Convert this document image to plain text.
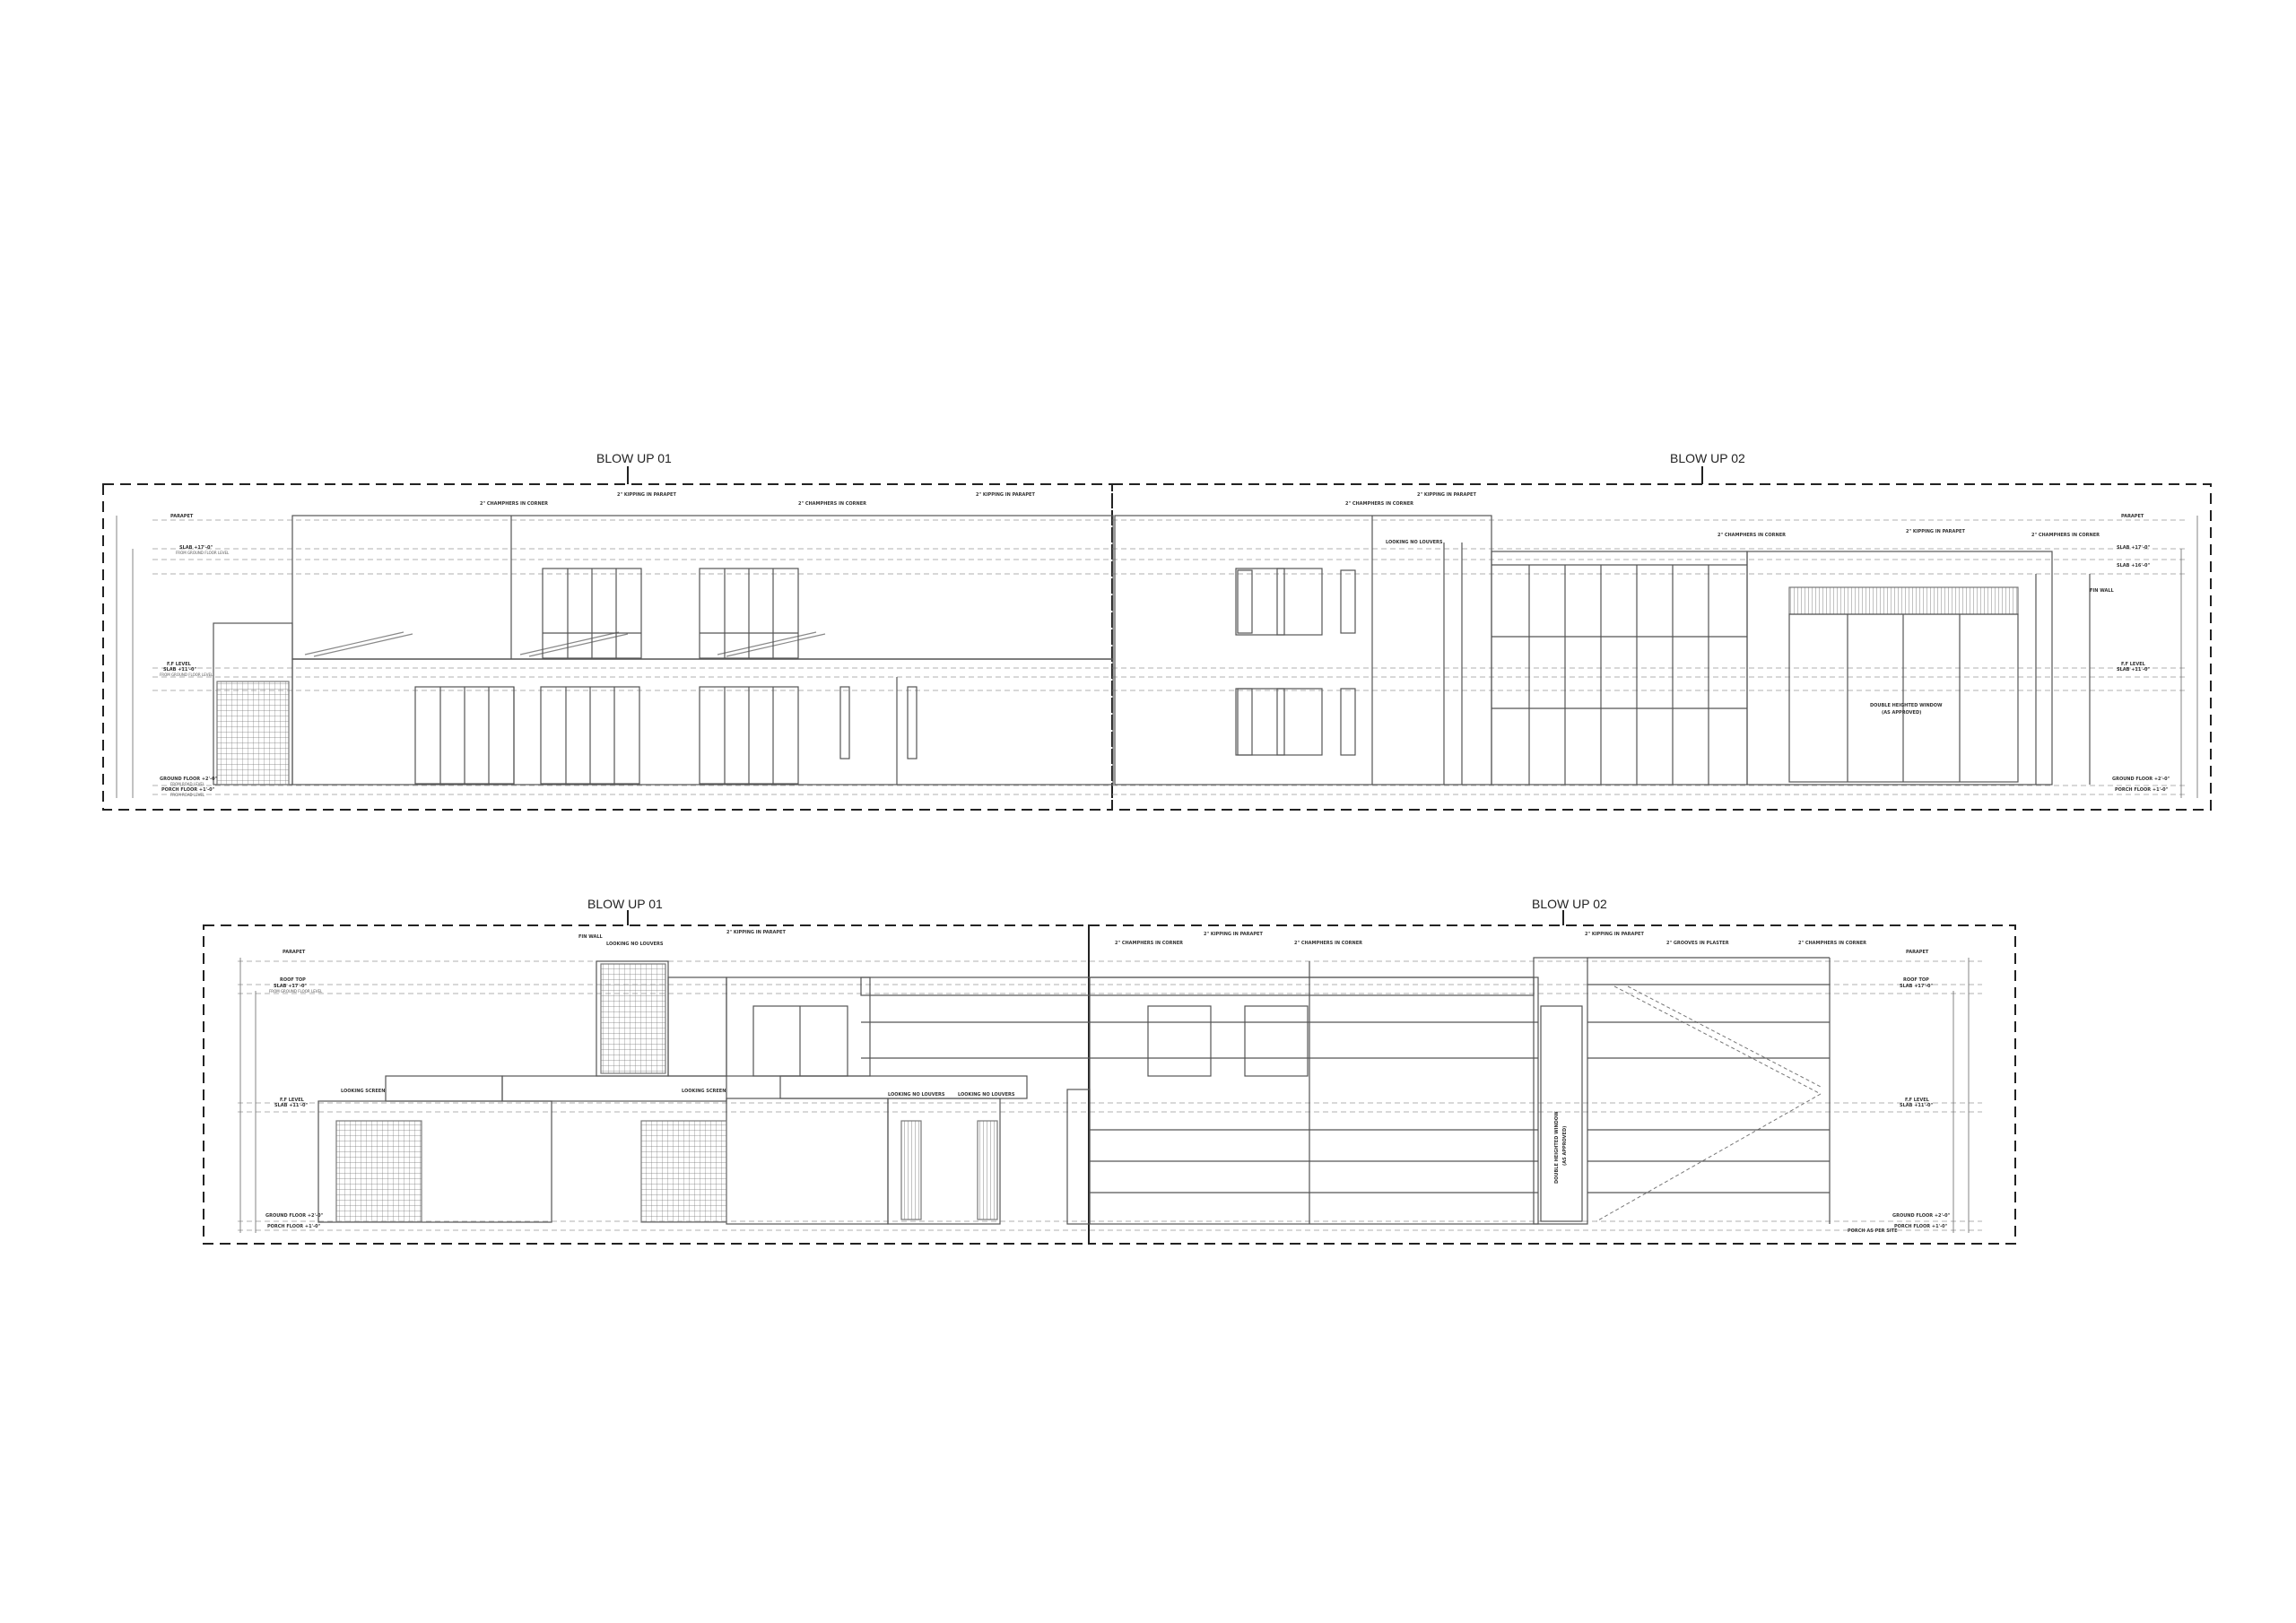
BLOW UP 01	BLOW UP 02
BLOW UP 01	BLOW UP 02
PARAPET
SLAB +17'-0"
FROM GROUND FLOOR LEVEL
F.F LEVEL
SLAB +11'-0"
FROM GROUND FLOOR LEVEL
GROUND FLOOR +2'-0"
FROM ROAD LEVEL
PORCH FLOOR +1'-0"
FROM ROAD LEVEL
2" CHAMPHERS IN CORNER
2" KIPPING IN PARAPET
2" CHAMPHERS IN CORNER
2" KIPPING IN PARAPET
2" CHAMPHERS IN CORNER
2" KIPPING IN PARAPET
LOOKING NO LOUVERS
2" CHAMPHERS IN CORNER
2" KIPPING IN PARAPET
2" CHAMPHERS IN CORNER
FIN WALL
DOUBLE HEIGHTED WINDOW
(AS APPROVED)
PARAPET
SLAB +17'-0"
SLAB +16'-0"
F.F LEVEL
SLAB +11'-0"
GROUND FLOOR +2'-0"
PORCH FLOOR +1'-0"
PARAPET
ROOF TOP
SLAB +17'-0"
FROM GROUND FLOOR LEVEL
F.F LEVEL
SLAB +11'-0"
GROUND FLOOR +2'-0"
PORCH FLOOR +1'-0"
FIN WALL
LOOKING NO LOUVERS
2" KIPPING IN PARAPET
LOOKING SCREEN	LOOKING SCREEN
LOOKING NO LOUVERS	LOOKING NO LOUVERS
2" CHAMPHERS IN CORNER
2" KIPPING IN PARAPET
2" CHAMPHERS IN CORNER
2" KIPPING IN PARAPET
2" GROOVES IN PLASTER	2" CHAMPHERS IN CORNER
DOUBLE HEIGHTED WINDOW (AS APPROVED)
PARAPET
ROOF TOP
SLAB +17'-0"
F.F LEVEL
SLAB +11'-0"
GROUND FLOOR +2'-0"
PORCH FLOOR +1'-0"
PORCH AS PER SITE
